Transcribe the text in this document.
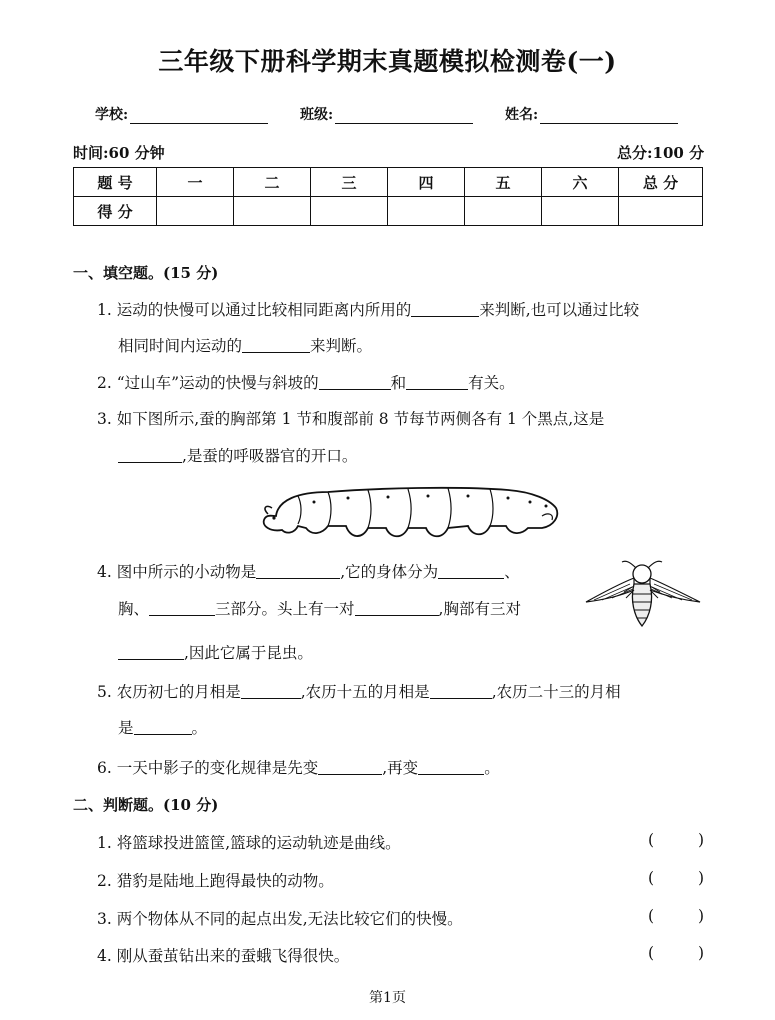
三年级下册科学期末真题模拟检测卷(一)
学校:	班级:	姓名:
时间:60 分钟	总分:100 分
题 号	一	二	三	四	五	六	总 分
得 分							
一、填空题。(15 分)
1. 运动的快慢可以通过比较相同距离内所用的	来判断,也可以通过比较
相同时间内运动的	来判断。
2. “过山车”运动的快慢与斜坡的	和	有关。
3. 如下图所示,蚕的胸部第 1 节和腹部前 8 节每节两侧各有 1 个黑点,这是
,是蚕的呼吸器官的开口。
4. 图中所示的小动物是	,它的身体分为	、
胸、	三部分。头上有一对	,胸部有三对
,因此它属于昆虫。
5. 农历初七的月相是	,农历十五的月相是	,农历二十三的月相
是	。
6. 一天中影子的变化规律是先变	,再变	。
二、判断题。(10 分)
1. 将篮球投进篮筐,篮球的运动轨迹是曲线。	(	)
2. 猎豹是陆地上跑得最快的动物。	(	)
3. 两个物体从不同的起点出发,无法比较它们的快慢。	(	)
4. 刚从蚕茧钻出来的蚕蛾飞得很快。	(	)
第1页
